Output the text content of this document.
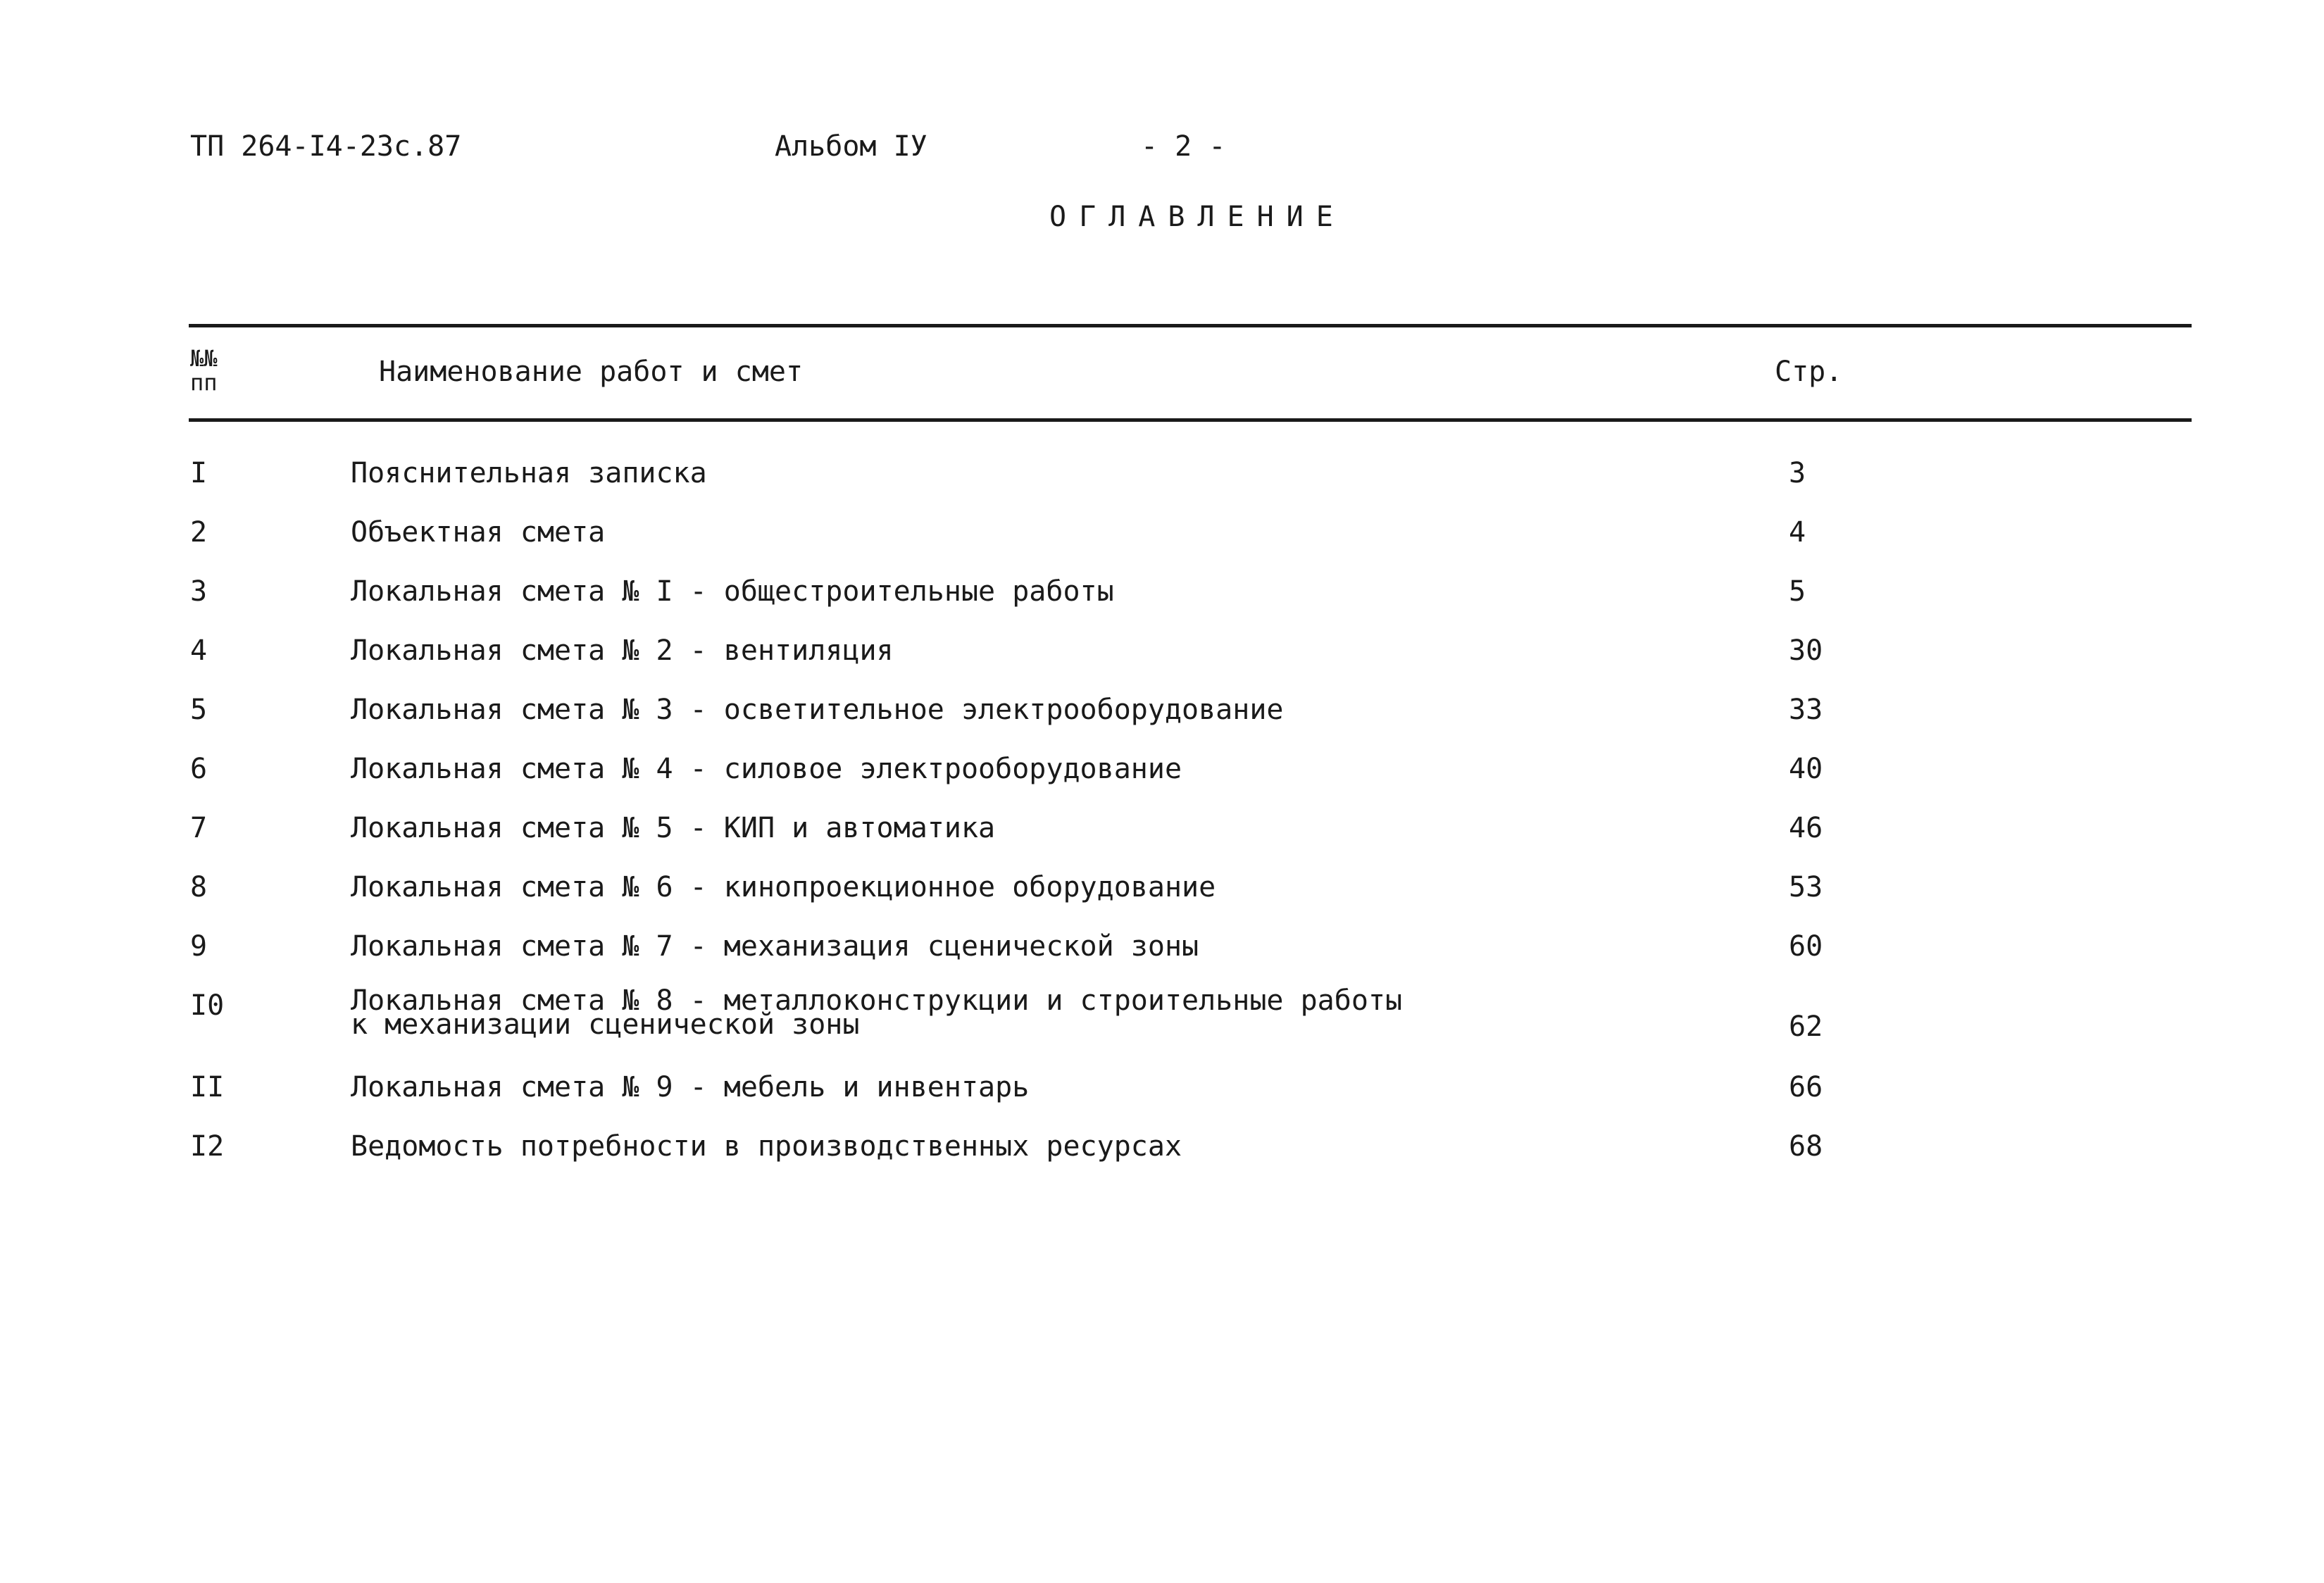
ТП 264-I4-23с.87	Альбом IУ	- 2 -
ОГЛАВЛЕНИЕ
№№ пп	Наименование работ и смет	Стр.
I	Пояснительная записка	3
2	Объектная смета	4
3	Локальная смета № I - общестроительные работы	5
4	Локальная смета № 2 - вентиляция	30
5	Локальная смета № 3 - осветительное электрооборудование	33
6	Локальная смета № 4 - силовое электрооборудование	40
7	Локальная смета № 5 - КИП и автоматика	46
8	Локальная смета № 6 - кинопроекционное оборудование	53
9	Локальная смета № 7 - механизация сценической зоны	60
I0	Локальная смета № 8 - металлоконструкции и строительные работы
к механизации сценической зоны	62
II	Локальная смета № 9 - мебель и инвентарь	66
I2	Ведомость потребности в производственных ресурсах	68
